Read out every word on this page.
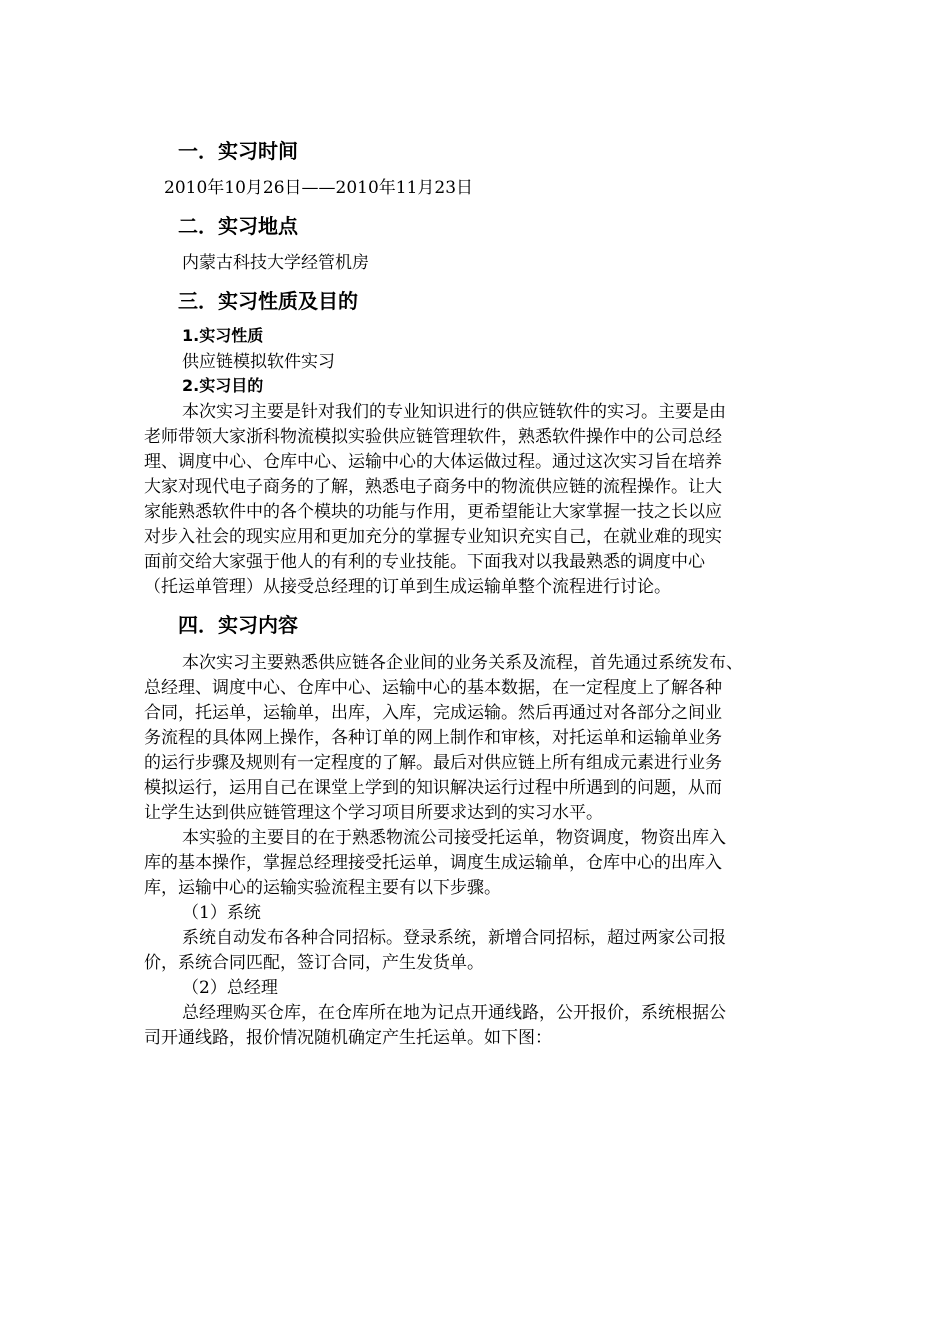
一．实习时间
2010年10月26日——2010年11月23日
二．实习地点
内蒙古科技大学经管机房
三．实习性质及目的
1.实习性质
供应链模拟软件实习
2.实习目的
本次实习主要是针对我们的专业知识进行的供应链软件的实习。主要是由
老师带领大家浙科物流模拟实验供应链管理软件，熟悉软件操作中的公司总经
理、调度中心、仓库中心、运输中心的大体运做过程。通过这次实习旨在培养
大家对现代电子商务的了解，熟悉电子商务中的物流供应链的流程操作。让大
家能熟悉软件中的各个模块的功能与作用，更希望能让大家掌握一技之长以应
对步入社会的现实应用和更加充分的掌握专业知识充实自己，在就业难的现实
面前交给大家强于他人的有利的专业技能。下面我对以我最熟悉的调度中心
（托运单管理）从接受总经理的订单到生成运输单整个流程进行讨论。
四．实习内容
本次实习主要熟悉供应链各企业间的业务关系及流程，首先通过系统发布、
总经理、调度中心、仓库中心、运输中心的基本数据，在一定程度上了解各种
合同，托运单，运输单，出库，入库，完成运输。然后再通过对各部分之间业
务流程的具体网上操作，各种订单的网上制作和审核，对托运单和运输单业务
的运行步骤及规则有一定程度的了解。最后对供应链上所有组成元素进行业务
模拟运行，运用自己在课堂上学到的知识解决运行过程中所遇到的问题，从而
让学生达到供应链管理这个学习项目所要求达到的实习水平。
本实验的主要目的在于熟悉物流公司接受托运单，物资调度，物资出库入
库的基本操作，掌握总经理接受托运单，调度生成运输单，仓库中心的出库入
库，运输中心的运输实验流程主要有以下步骤。
（1）系统
系统自动发布各种合同招标。登录系统，新增合同招标，超过两家公司报
价，系统合同匹配，签订合同，产生发货单。
（2）总经理
总经理购买仓库，在仓库所在地为记点开通线路，公开报价，系统根据公
司开通线路，报价情况随机确定产生托运单。如下图：
